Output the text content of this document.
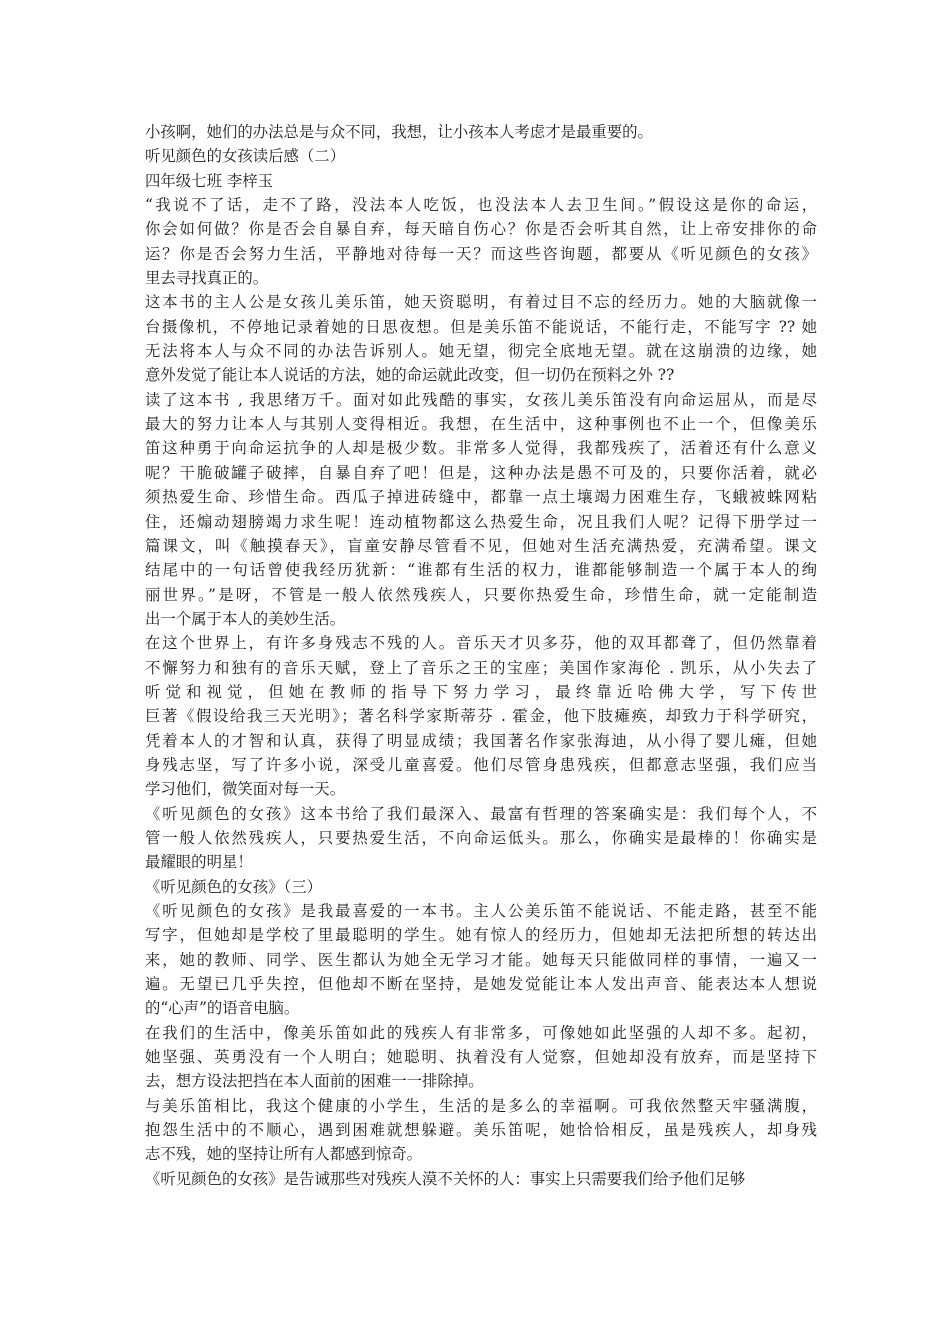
小孩啊，她们的办法总是与众不同，我想，让小孩本人考虑才是最重要的。

听见颜色的女孩读后感（二）

四年级七班 李梓玉

“我说不了话，走不了路，没法本人吃饭，也没法本人去卫生间。”假设这是你的命运，
你会如何做？你是否会自暴自弃，每天暗自伤心？你是否会听其自然，让上帝安排你的命
运？你是否会努力生活，平静地对待每一天？而这些咨询题，都要从《听见颜色的女孩》
里去寻找真正的。

这本书的主人公是女孩儿美乐笛，她天资聪明，有着过目不忘的经历力。她的大脑就像一
台摄像机，不停地记录着她的日思夜想。但是美乐笛不能说话，不能行走，不能写字 ?? 她
无法将本人与众不同的办法告诉别人。她无望，彻完全底地无望。就在这崩溃的边缘，她
意外发觉了能让本人说话的方法，她的命运就此改变，但一切仍在预料之外 ??

读了这本书 , 我思绪万千。面对如此残酷的事实，女孩儿美乐笛没有向命运屈从，而是尽
最大的努力让本人与其别人变得相近。我想，在生活中，这种事例也不止一个，但像美乐
笛这种勇于向命运抗争的人却是极少数。非常多人觉得，我都残疾了，活着还有什么意义
呢？干脆破罐子破摔，自暴自弃了吧！但是，这种办法是愚不可及的，只要你活着，就必
须热爱生命、珍惜生命。西瓜子掉进砖缝中，都靠一点土壤竭力困难生存，飞蛾被蛛网粘
住，还煽动翅膀竭力求生呢！连动植物都这么热爱生命，况且我们人呢？记得下册学过一
篇课文，叫《触摸春天》，盲童安静尽管看不见，但她对生活充满热爱，充满希望。课文
结尾中的一句话曾使我经历犹新：“谁都有生活的权力，谁都能够制造一个属于本人的绚
丽世界。”是呀，不管是一般人依然残疾人，只要你热爱生命，珍惜生命，就一定能制造
出一个属于本人的美妙生活。

在这个世界上，有许多身残志不残的人。音乐天才贝多芬，他的双耳都聋了，但仍然靠着
不懈努力和独有的音乐天赋，登上了音乐之王的宝座；美国作家海伦 . 凯乐，从小失去了
听觉和视觉，但她在教师的指导下努力学习，最终靠近哈佛大学，写下传世
巨著《假设给我三天光明》；著名科学家斯蒂芬 . 霍金，他下肢瘫痪，却致力于科学研究，
凭着本人的才智和认真，获得了明显成绩；我国著名作家张海迪，从小得了婴儿瘫，但她
身残志坚，写了许多小说，深受儿童喜爱。他们尽管身患残疾，但都意志坚强，我们应当
学习他们，微笑面对每一天。

《听见颜色的女孩》这本书给了我们最深入、最富有哲理的答案确实是：我们每个人，不
管一般人依然残疾人，只要热爱生活，不向命运低头。那么，你确实是最棒的！你确实是
最耀眼的明星！

《听见颜色的女孩》（三）

《听见颜色的女孩》是我最喜爱的一本书。主人公美乐笛不能说话、不能走路，甚至不能
写字，但她却是学校了里最聪明的学生。她有惊人的经历力，但她却无法把所想的转达出
来，她的教师、同学、医生都认为她全无学习才能。她每天只能做同样的事情，一遍又一
遍。无望已几乎失控，但他却不断在坚持，是她发觉能让本人发出声音、能表达本人想说
的“心声”的语音电脑。

在我们的生活中，像美乐笛如此的残疾人有非常多，可像她如此坚强的人却不多。起初，
她坚强、英勇没有一个人明白；她聪明、执着没有人觉察，但她却没有放弃，而是坚持下
去，想方设法把挡在本人面前的困难一一排除掉。

与美乐笛相比，我这个健康的小学生，生活的是多么的幸福啊。可我依然整天牢骚满腹，
抱怨生活中的不顺心，遇到困难就想躲避。美乐笛呢，她恰恰相反，虽是残疾人，却身残
志不残，她的坚持让所有人都感到惊奇。

《听见颜色的女孩》是告诫那些对残疾人漠不关怀的人：事实上只需要我们给予他们足够
